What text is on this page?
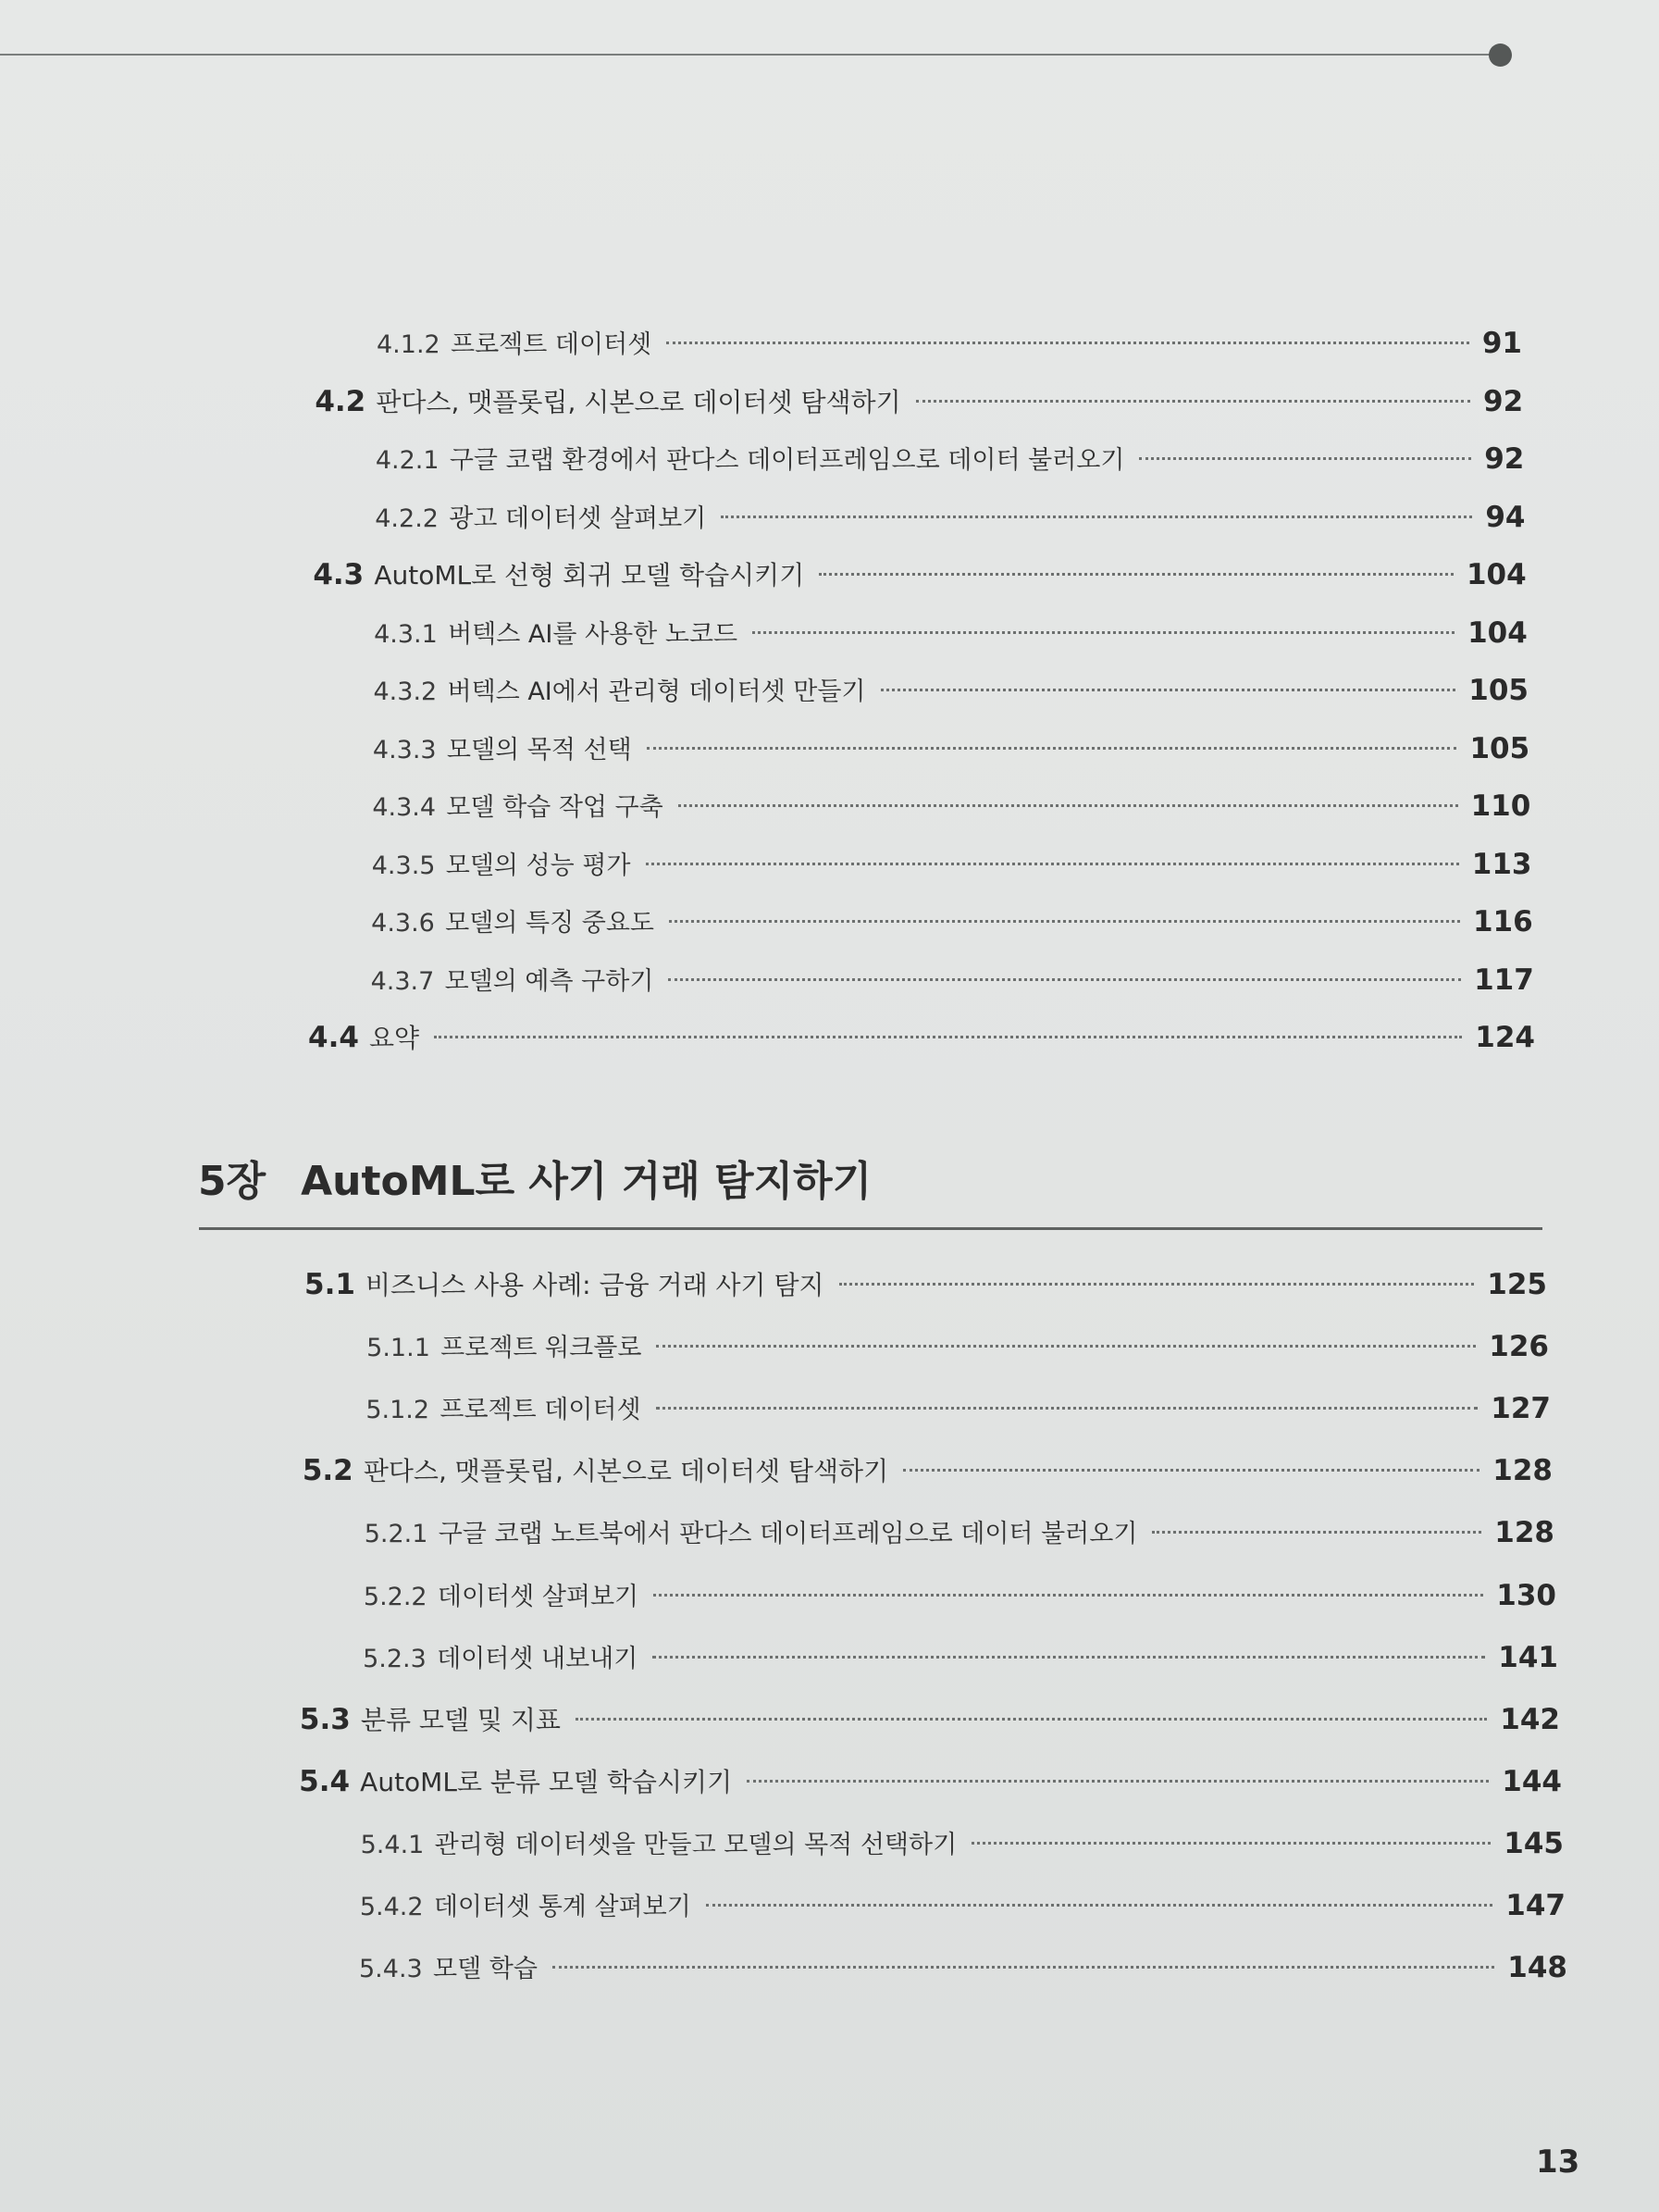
4.1.2 프로젝트 데이터셋	91
4.2 판다스, 맷플롯립, 시본으로 데이터셋 탐색하기	92
4.2.1 구글 코랩 환경에서 판다스 데이터프레임으로 데이터 불러오기	92
4.2.2 광고 데이터셋 살펴보기	94
4.3 AutoML로 선형 회귀 모델 학습시키기	104
4.3.1 버텍스 AI를 사용한 노코드	104
4.3.2 버텍스 AI에서 관리형 데이터셋 만들기	105
4.3.3 모델의 목적 선택	105
4.3.4 모델 학습 작업 구축	110
4.3.5 모델의 성능 평가	113
4.3.6 모델의 특징 중요도	116
4.3.7 모델의 예측 구하기	117
4.4 요약	124
5장 AutoML로 사기 거래 탐지하기
5.1 비즈니스 사용 사례: 금융 거래 사기 탐지	125
5.1.1 프로젝트 워크플로	126
5.1.2 프로젝트 데이터셋	127
5.2 판다스, 맷플롯립, 시본으로 데이터셋 탐색하기	128
5.2.1 구글 코랩 노트북에서 판다스 데이터프레임으로 데이터 불러오기	128
5.2.2 데이터셋 살펴보기	130
5.2.3 데이터셋 내보내기	141
5.3 분류 모델 및 지표	142
5.4 AutoML로 분류 모델 학습시키기	144
5.4.1 관리형 데이터셋을 만들고 모델의 목적 선택하기	145
5.4.2 데이터셋 통계 살펴보기	147
5.4.3 모델 학습	148
13
